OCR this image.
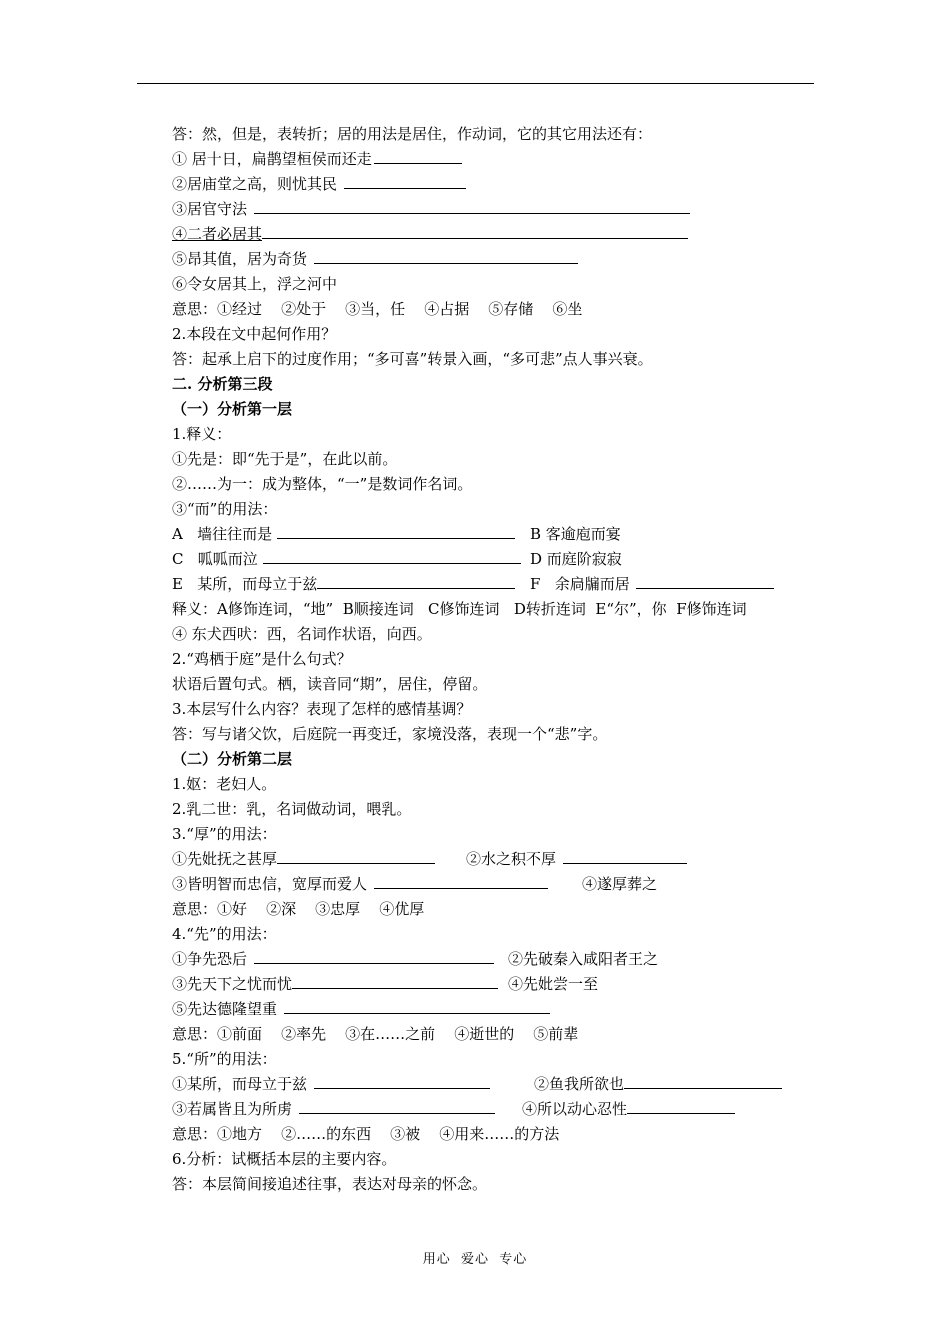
答：然，但是，表转折；居的用法是居住，作动词，它的其它用法还有：
① 居十日，扁鹊望桓侯而还走
②居庙堂之高，则忧其民
③居官守法
④二者必居其
⑤昂其值，居为奇货
⑥令女居其上，浮之河中
意思：①经过    ②处于    ③当，任    ④占据    ⑤存储    ⑥坐
2.本段在文中起何作用？
答：起承上启下的过度作用；“多可喜”转景入画，“多可悲”点人事兴衰。
二. 分析第三段
（一）分析第一层
1.释义：
①先是：即“先于是”，在此以前。
②……为一：成为整体，“一”是数词作名词。
③“而”的用法：
A   墙往往而是	B 客逾庖而宴
C   呱呱而泣	D 而庭阶寂寂
E   某所，而母立于兹	F   余扃牖而居
释义：A修饰连词，“地”  B顺接连词   C修饰连词   D转折连词  E“尔”，你  F修饰连词
④ 东犬西吠：西，名词作状语，向西。
2.“鸡栖于庭”是什么句式？
状语后置句式。栖，读音同“期”，居住，停留。
3.本层写什么内容？表现了怎样的感情基调？
答：写与诸父饮，后庭院一再变迁，家境没落，表现一个“悲”字。
（二）分析第二层
1.妪：老妇人。
2.乳二世：乳，名词做动词，喂乳。
3.“厚”的用法：
①先妣抚之甚厚	②水之积不厚
③皆明智而忠信，宽厚而爱人	④遂厚葬之
意思：①好    ②深    ③忠厚    ④优厚
4.“先”的用法：
①争先恐后	②先破秦入咸阳者王之
③先天下之忧而忧	④先妣尝一至
⑤先达德隆望重
意思：①前面    ②率先    ③在……之前    ④逝世的    ⑤前辈
5.“所”的用法：
①某所，而母立于兹	②鱼我所欲也
③若属皆且为所虏	④所以动心忍性
意思：①地方    ②……的东西    ③被    ④用来……的方法
6.分析：试概括本层的主要内容。
答：本层简间接追述往事，表达对母亲的怀念。
用心  爱心  专心
